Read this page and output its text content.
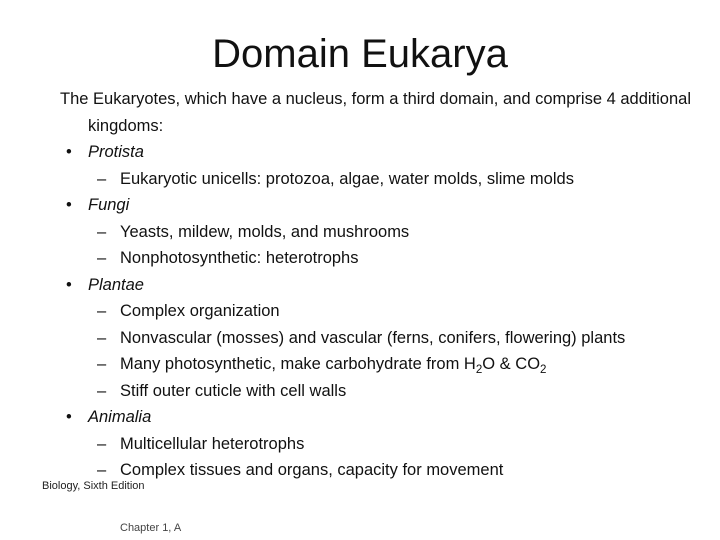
Domain Eukarya
The Eukaryotes, which have a nucleus, form a third domain, and comprise 4 additional kingdoms:
• Protista
– Eukaryotic unicells: protozoa, algae, water molds, slime molds
• Fungi
– Yeasts, mildew, molds, and mushrooms
– Nonphotosynthetic: heterotrophs
• Plantae
– Complex organization
– Nonvascular (mosses) and vascular (ferns, conifers, flowering) plants
– Many photosynthetic, make carbohydrate from $H_2O$ & $CO_2$
– Stiff outer cuticle with cell walls
• Animalia
– Multicellular heterotrophs
– Complex tissues and organs, capacity for movement
Biology, Sixth Edition
Chapter 1, A
